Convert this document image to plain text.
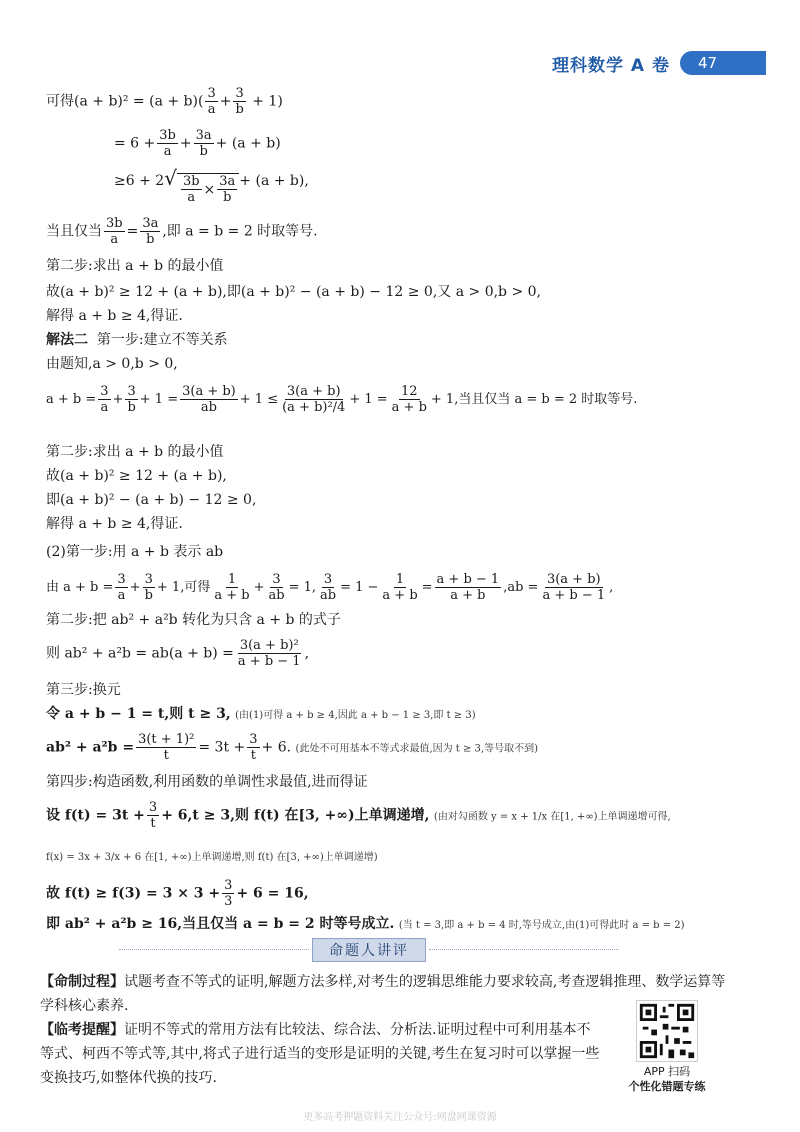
理科数学 A 卷	47
可得$(a + b)^2 = (a + b)( \frac{3}{a} + \frac{3}{b} + 1)$
= $6 + \frac{3b}{a} + \frac{3a}{b} + (a + b)$
$\ge 6 + 2√ \frac{3b}{a} \times \frac{3a}{b} + (a + b)$,
当且仅当 $\frac{3b}{a} = \frac{3a}{b}$ ,即 a = b = 2 时取等号.
第二步:求出 a + b 的最小值
故(a + b)² ≥ 12 + (a + b),即(a + b)² − (a + b) − 12 ≥ 0,又 a > 0,b > 0,
解得 a + b ≥ 4,得证.
解法二 第一步:建立不等关系
由题知,a > 0,b > 0,
$a + b = \frac{3}{a} + \frac{3}{b} + 1 = \frac{3(a + b)}{ab} + 1 \le \frac{3(a + b)}{\text{(a + b)²/4}} + 1 = \frac{12}{a + b} + 1$,当且仅当 a = b = 2 时取等号.
第二步:求出 a + b 的最小值
故(a + b)² ≥ 12 + (a + b),
即(a + b)² − (a + b) − 12 ≥ 0,
解得 a + b ≥ 4,得证.
(2)第一步:用 a + b 表示 ab
由 $a + b = \frac{3}{a} + \frac{3}{b} + 1$,可得 $\frac{1}{a + b} + \frac{3}{ab} = 1$, $\frac{3}{ab} = 1 - \frac{1}{a + b} = \frac{a + b - 1}{a + b} ,ab = \frac{3(a + b)}{a + b - 1}$ ,
第二步:把 ab² + a²b 转化为只含 a + b 的式子
则 $ab^2 + a^2b = ab(a + b) = \frac{\text{3(a + b)²}}{a + b - 1}$ ,
第三步:换元
令 a + b − 1 = t,则 t ≥ 3, (由(1)可得 a + b ≥ 4,因此 a + b − 1 ≥ 3,即 t ≥ 3)
$ab^2 + a^2b = \frac{\text{3(t + 1)²}}{t} = 3t + \frac{3}{t} + 6$. (此处不可用基本不等式求最值,因为 t ≥ 3,等号取不到)
第四步:构造函数,利用函数的单调性求最值,进而得证
设 $f(t) = 3t + \frac{3}{t} + 6,t \ge 3$,则 f(t) 在[3, +∞)上单调递增, (由对勾函数 y = x + 1/x 在[1, +∞)上单调递增可得,
f(x) = 3x + 3/x + 6 在[1, +∞)上单调递增,则 f(t) 在[3, +∞)上单调递增)
故 $f(t) \ge f(3) = 3 \times 3 + \frac{3}{3} + 6 = 16$,
即 ab² + a²b ≥ 16,当且仅当 a = b = 2 时等号成立. (当 t = 3,即 a + b = 4 时,等号成立,由(1)可得此时 a = b = 2)
命题人讲评
【命制过程】试题考查不等式的证明,解题方法多样,对考生的逻辑思维能力要求较高,考查逻辑推理、数学运算等学科核心素养.
【临考提醒】证明不等式的常用方法有比较法、综合法、分析法.证明过程中可利用基本不等式、柯西不等式等,其中,将式子进行适当的变形是证明的关键,考生在复习时可以掌握一些变换技巧,如整体代换的技巧.	APP 扫码
个性化错题专练
更多高考押题资料关注公众号:网盘网课资源
